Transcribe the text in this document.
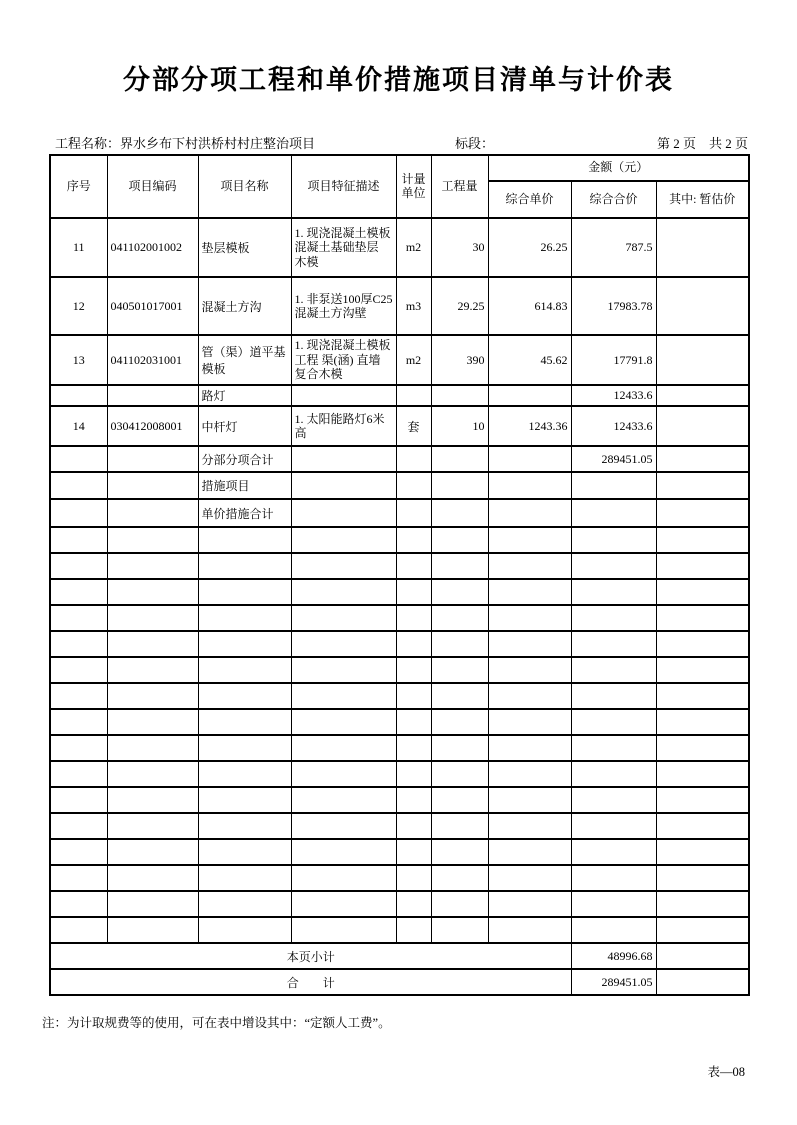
分部分项工程和单价措施项目清单与计价表

工程名称：界水乡布下村洪桥村村庄整治项目

	标段：

	第 2 页　共 2 页

序号	项目编码	项目名称	项目特征描述	计量单位	工程量	金额（元）		
						综合单价	综合合价	其中: 暂估价
11	041102001002	垫层模板	1. 现浇混凝土模板 混凝土基础垫层 木模	m2	30	26.25	787.5	
12	040501017001	混凝土方沟	1. 非泵送100厚C25混凝土方沟壁	m3	29.25	614.83	17983.78	
13	041102031001	管（渠）道平基模板	1. 现浇混凝土模板工程 渠(涵) 直墙 复合木模	m2	390	45.62	17791.8	
		路灯					12433.6	
14	030412008001	中杆灯	1. 太阳能路灯6米高	套	10	1243.36	12433.6	
		分部分项合计					289451.05	
		措施项目						
		单价措施合计						

本页小计							48996.68	
合　　计							289451.05	
注：为计取规费等的使用，可在表中增设其中：“定额人工费”。
表—08
